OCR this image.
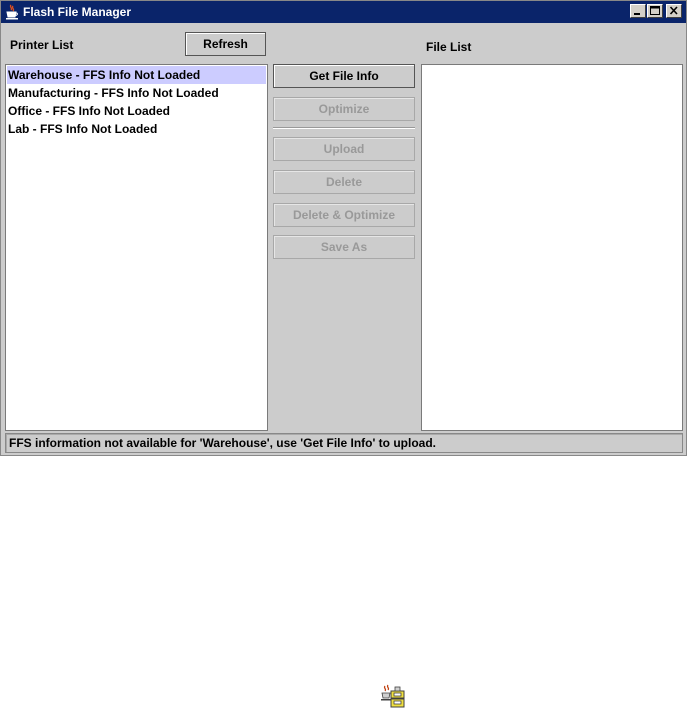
Flash File Manager
Printer List	Refresh	File List
Warehouse - FFS Info Not Loaded
Manufacturing - FFS Info Not Loaded
Office - FFS Info Not Loaded
Lab - FFS Info Not Loaded
Get File Info
Optimize
Upload
Delete
Delete & Optimize
Save As
FFS information not available for 'Warehouse', use 'Get File Info' to upload.
